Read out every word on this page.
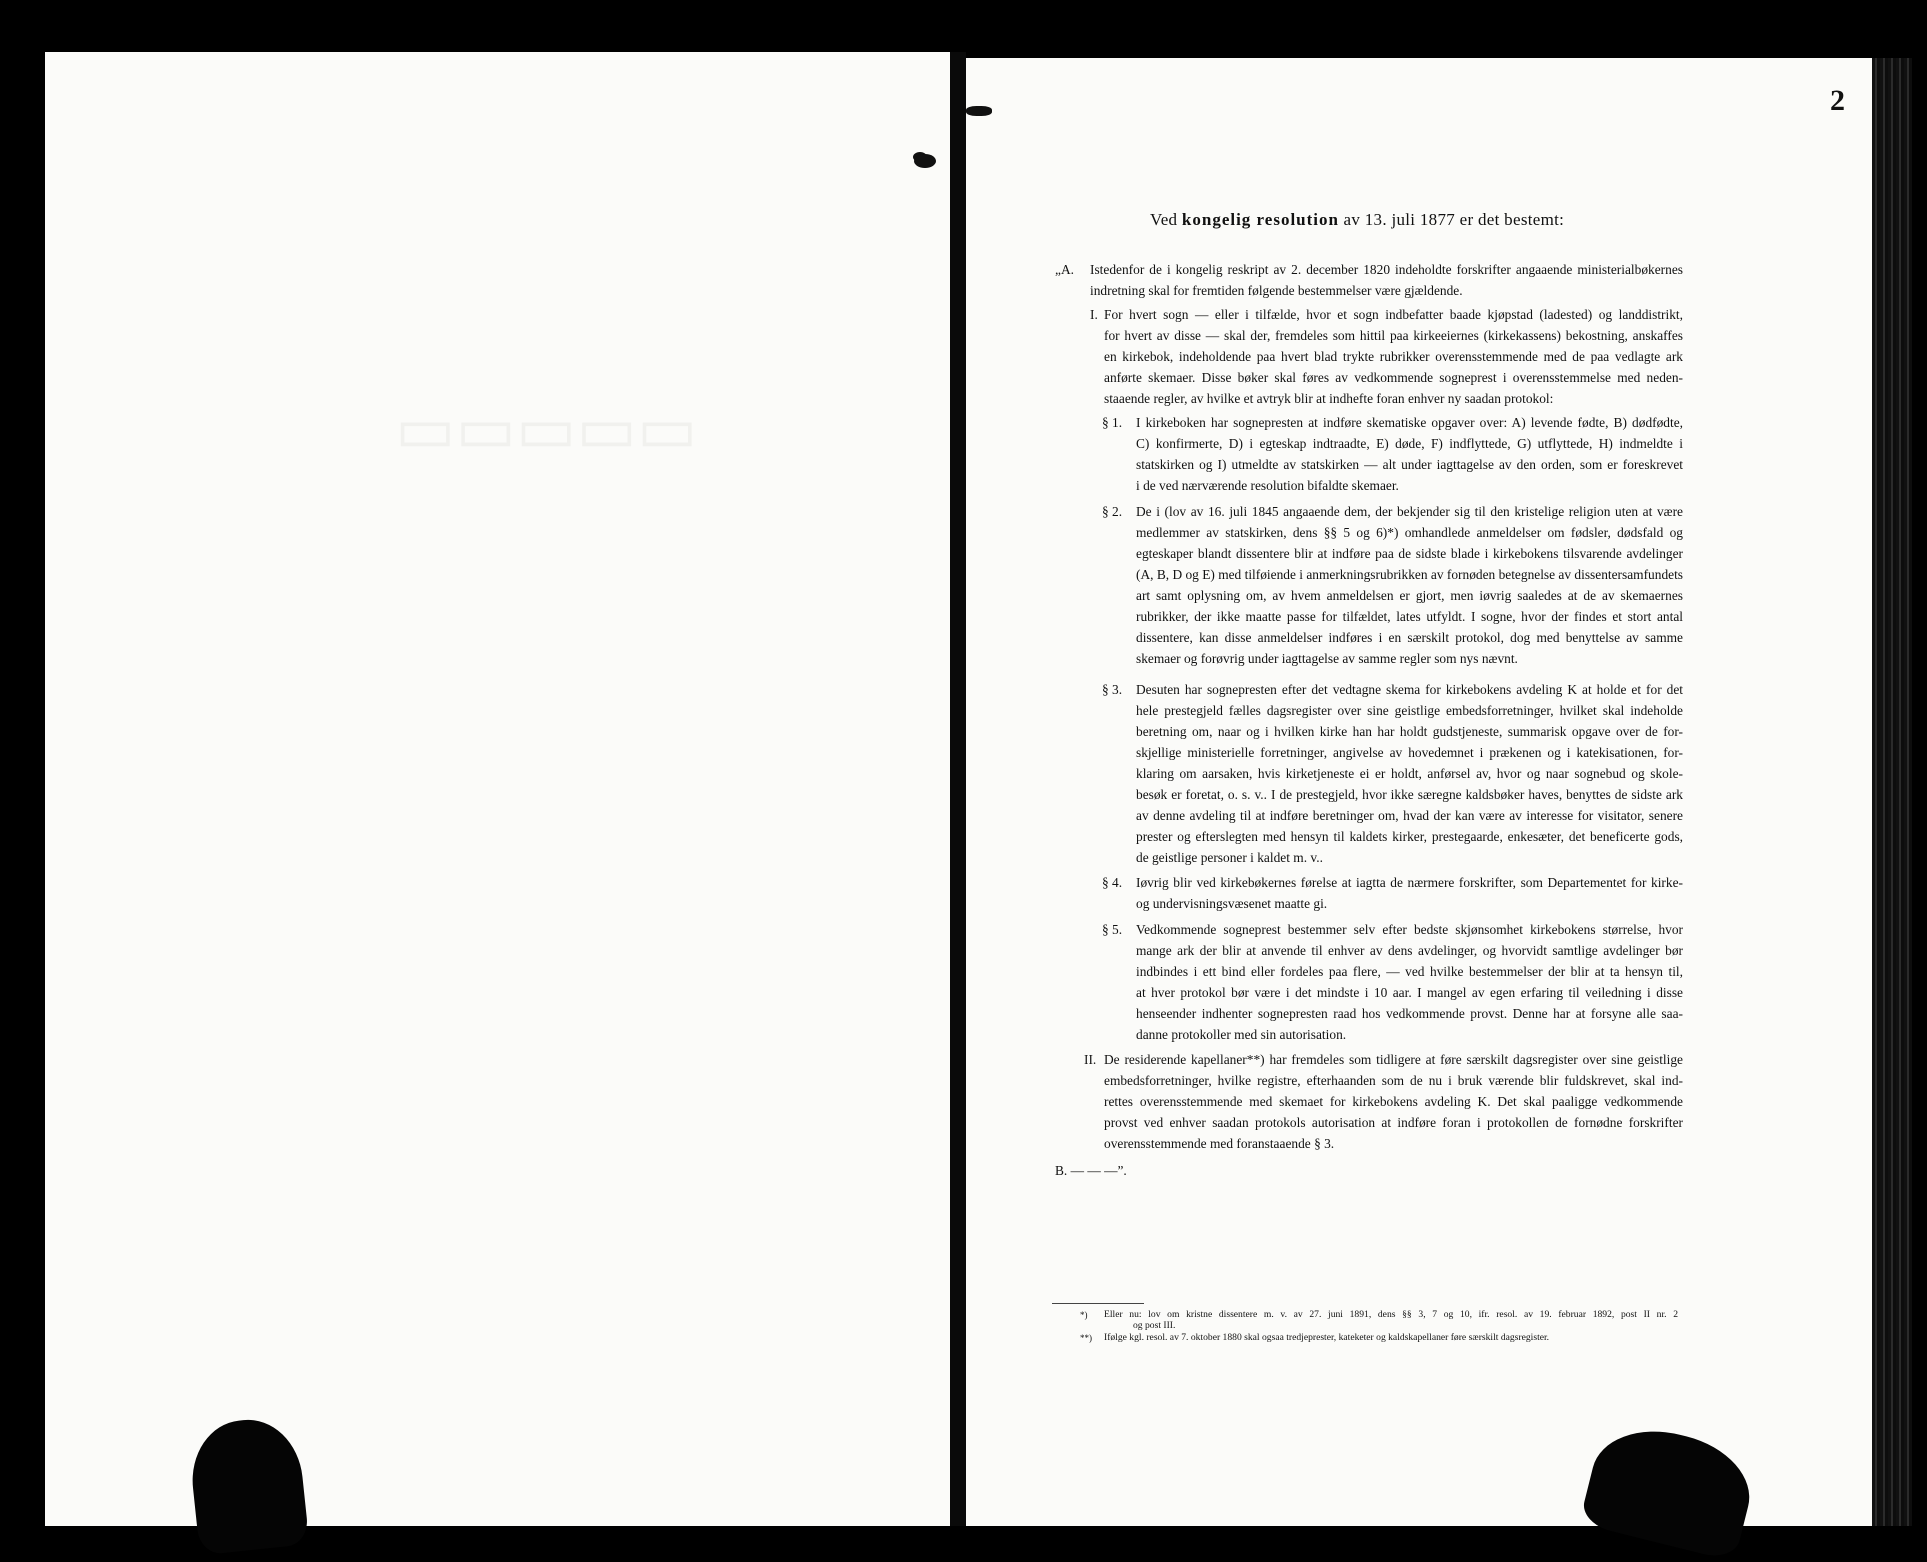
▭▭▭▭▭
2
Ved kongelig resolution av 13. juli 1877 er det bestemt:
„A. Istedenfor de i kongelig reskript av 2. december 1820 indeholdte forskrifter angaaende ministerialbøkernes
indretning skal for fremtiden følgende bestemmelser være gjældende.
I. For hvert sogn — eller i tilfælde, hvor et sogn indbefatter baade kjøpstad (ladested) og landdistrikt,
for hvert av disse — skal der, fremdeles som hittil paa kirkeeiernes (kirkekassens) bekostning, anskaffes
en kirkebok, indeholdende paa hvert blad trykte rubrikker overensstemmende med de paa vedlagte ark
anførte skemaer. Disse bøker skal føres av vedkommende sogneprest i overensstemmelse med neden-
staaende regler, av hvilke et avtryk blir at indhefte foran enhver ny saadan protokol:
§ 1. I kirkeboken har sognepresten at indføre skematiske opgaver over: A) levende fødte, B) dødfødte,
C) konfirmerte, D) i egteskap indtraadte, E) døde, F) indflyttede, G) utflyttede, H) indmeldte i
statskirken og I) utmeldte av statskirken — alt under iagttagelse av den orden, som er foreskrevet
i de ved nærværende resolution bifaldte skemaer.
§ 2. De i (lov av 16. juli 1845 angaaende dem, der bekjender sig til den kristelige religion uten at være
medlemmer av statskirken, dens §§ 5 og 6)*) omhandlede anmeldelser om fødsler, dødsfald og
egteskaper blandt dissentere blir at indføre paa de sidste blade i kirkebokens tilsvarende avdelinger
(A, B, D og E) med tilføiende i anmerkningsrubrikken av fornøden betegnelse av dissentersamfundets
art samt oplysning om, av hvem anmeldelsen er gjort, men iøvrig saaledes at de av skemaernes
rubrikker, der ikke maatte passe for tilfældet, lates utfyldt. I sogne, hvor der findes et stort antal
dissentere, kan disse anmeldelser indføres i en særskilt protokol, dog med benyttelse av samme
skemaer og forøvrig under iagttagelse av samme regler som nys nævnt.
§ 3. Desuten har sognepresten efter det vedtagne skema for kirkebokens avdeling K at holde et for det
hele prestegjeld fælles dagsregister over sine geistlige embedsforretninger, hvilket skal indeholde
beretning om, naar og i hvilken kirke han har holdt gudstjeneste, summarisk opgave over de for-
skjellige ministerielle forretninger, angivelse av hovedemnet i prækenen og i katekisationen, for-
klaring om aarsaken, hvis kirketjeneste ei er holdt, anførsel av, hvor og naar sognebud og skole-
besøk er foretat, o. s. v.. I de prestegjeld, hvor ikke særegne kaldsbøker haves, benyttes de sidste ark
av denne avdeling til at indføre beretninger om, hvad der kan være av interesse for visitator, senere
prester og efterslegten med hensyn til kaldets kirker, prestegaarde, enkesæter, det beneficerte gods,
de geistlige personer i kaldet m. v..
§ 4. Iøvrig blir ved kirkebøkernes førelse at iagtta de nærmere forskrifter, som Departementet for kirke-
og undervisningsvæsenet maatte gi.
§ 5. Vedkommende sogneprest bestemmer selv efter bedste skjønsomhet kirkebokens størrelse, hvor
mange ark der blir at anvende til enhver av dens avdelinger, og hvorvidt samtlige avdelinger bør
indbindes i ett bind eller fordeles paa flere, — ved hvilke bestemmelser der blir at ta hensyn til,
at hver protokol bør være i det mindste i 10 aar. I mangel av egen erfaring til veiledning i disse
henseender indhenter sognepresten raad hos vedkommende provst. Denne har at forsyne alle saa-
danne protokoller med sin autorisation.
II. De residerende kapellaner**) har fremdeles som tidligere at føre særskilt dagsregister over sine geistlige
embedsforretninger, hvilke registre, efterhaanden som de nu i bruk værende blir fuldskrevet, skal ind-
rettes overensstemmende med skemaet for kirkebokens avdeling K. Det skal paaligge vedkommende
provst ved enhver saadan protokols autorisation at indføre foran i protokollen de fornødne forskrifter
overensstemmende med foranstaaende § 3.
B. — — —”.
*) Eller nu: lov om kristne dissentere m. v. av 27. juni 1891, dens §§ 3, 7 og 10, ifr. resol. av 19. februar 1892, post II nr. 2
og post III.
**) Ifølge kgl. resol. av 7. oktober 1880 skal ogsaa tredjeprester, kateketer og kaldskapellaner føre særskilt dagsregister.
